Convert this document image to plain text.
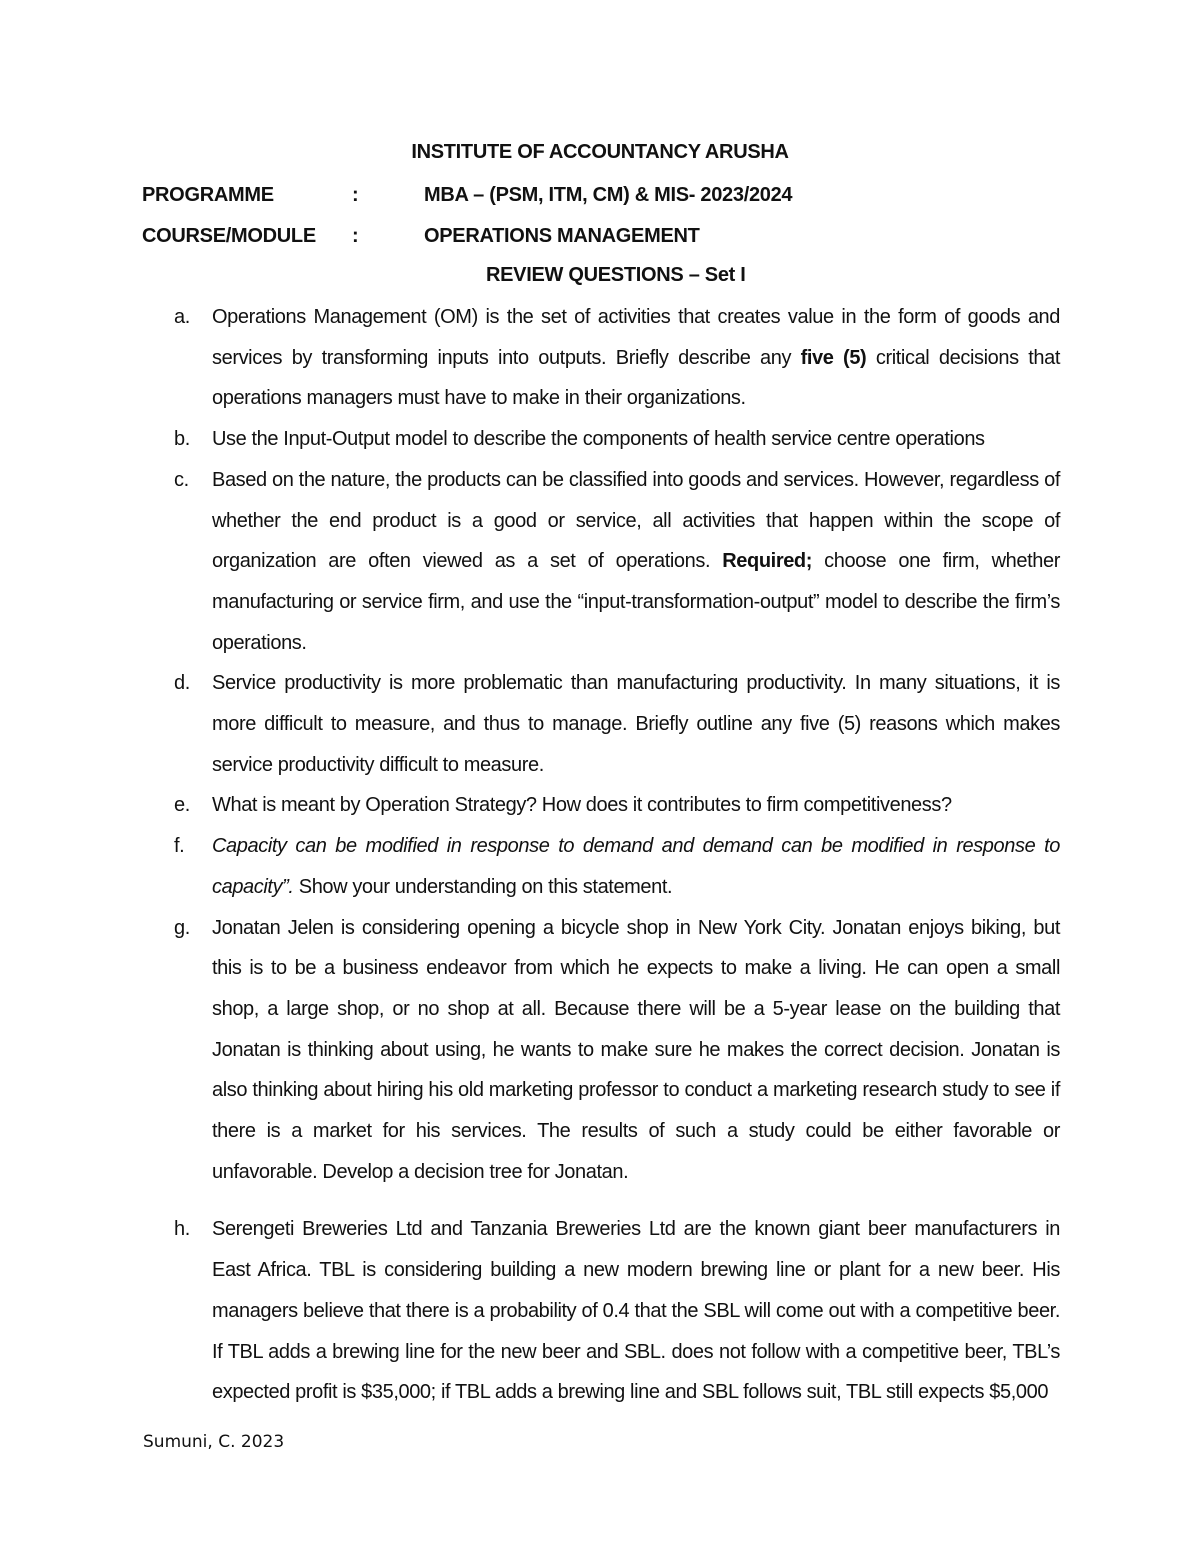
INSTITUTE OF ACCOUNTANCY ARUSHA
PROGRAMME	:	MBA – (PSM, ITM, CM) & MIS- 2023/2024
COURSE/MODULE :	OPERATIONS MANAGEMENT
REVIEW QUESTIONS – Set I
a. Operations Management (OM) is the set of activities that creates value in the form of goods and services by transforming inputs into outputs. Briefly describe any five (5) critical decisions that operations managers must have to make in their organizations.
b. Use the Input-Output model to describe the components of health service centre operations
c. Based on the nature, the products can be classified into goods and services. However, regardless of whether the end product is a good or service, all activities that happen within the scope of organization are often viewed as a set of operations. Required; choose one firm, whether manufacturing or service firm, and use the “input-transformation-output” model to describe the firm’s operations.
d. Service productivity is more problematic than manufacturing productivity. In many situations, it is more difficult to measure, and thus to manage. Briefly outline any five (5) reasons which makes service productivity difficult to measure.
e. What is meant by Operation Strategy? How does it contributes to firm competitiveness?
f. Capacity can be modified in response to demand and demand can be modified in response to capacity”. Show your understanding on this statement.
g. Jonatan Jelen is considering opening a bicycle shop in New York City. Jonatan enjoys biking, but this is to be a business endeavor from which he expects to make a living. He can open a small shop, a large shop, or no shop at all. Because there will be a 5-year lease on the building that Jonatan is thinking about using, he wants to make sure he makes the correct decision. Jonatan is also thinking about hiring his old marketing professor to conduct a marketing research study to see if there is a market for his services. The results of such a study could be either favorable or unfavorable. Develop a decision tree for Jonatan.
h. Serengeti Breweries Ltd and Tanzania Breweries Ltd are the known giant beer manufacturers in East Africa. TBL is considering building a new modern brewing line or plant for a new beer. His managers believe that there is a probability of 0.4 that the SBL will come out with a competitive beer. If TBL adds a brewing line for the new beer and SBL. does not follow with a competitive beer, TBL’s expected profit is $35,000; if TBL adds a brewing line and SBL follows suit, TBL still expects $5,000
Sumuni, C. 2023
